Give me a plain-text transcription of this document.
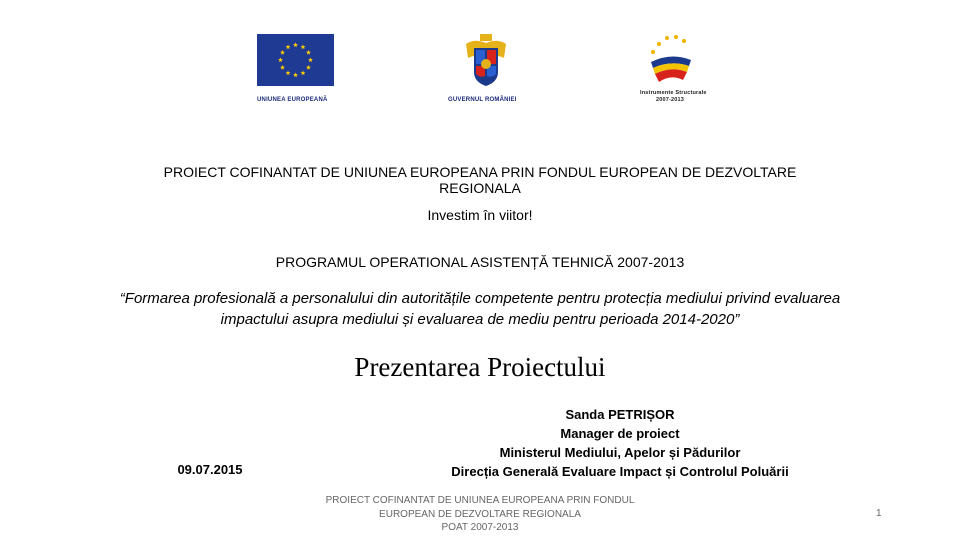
UNIUNEA EUROPEANĂ	GUVERNUL ROMÂNIEI
Instrumente Structurale
2007-2013
PROIECT COFINANTAT DE UNIUNEA EUROPEANA PRIN FONDUL EUROPEAN DE DEZVOLTARE REGIONALA
Investim în viitor!
PROGRAMUL OPERATIONAL ASISTENȚĂ TEHNICĂ 2007-2013
“Formarea profesională a personalului din autoritățile competente pentru protecția mediului privind evaluarea impactului asupra mediului și evaluarea de mediu pentru perioada 2014-2020”
Prezentarea Proiectului
09.07.2015
Sanda PETRIȘOR
Manager de proiect
Ministerul Mediului, Apelor și Pădurilor
Direcția Generală Evaluare Impact și Controlul Poluării
PROIECT COFINANTAT DE UNIUNEA EUROPEANA PRIN FONDUL
EUROPEAN DE DEZVOLTARE REGIONALA
POAT 2007-2013
1
